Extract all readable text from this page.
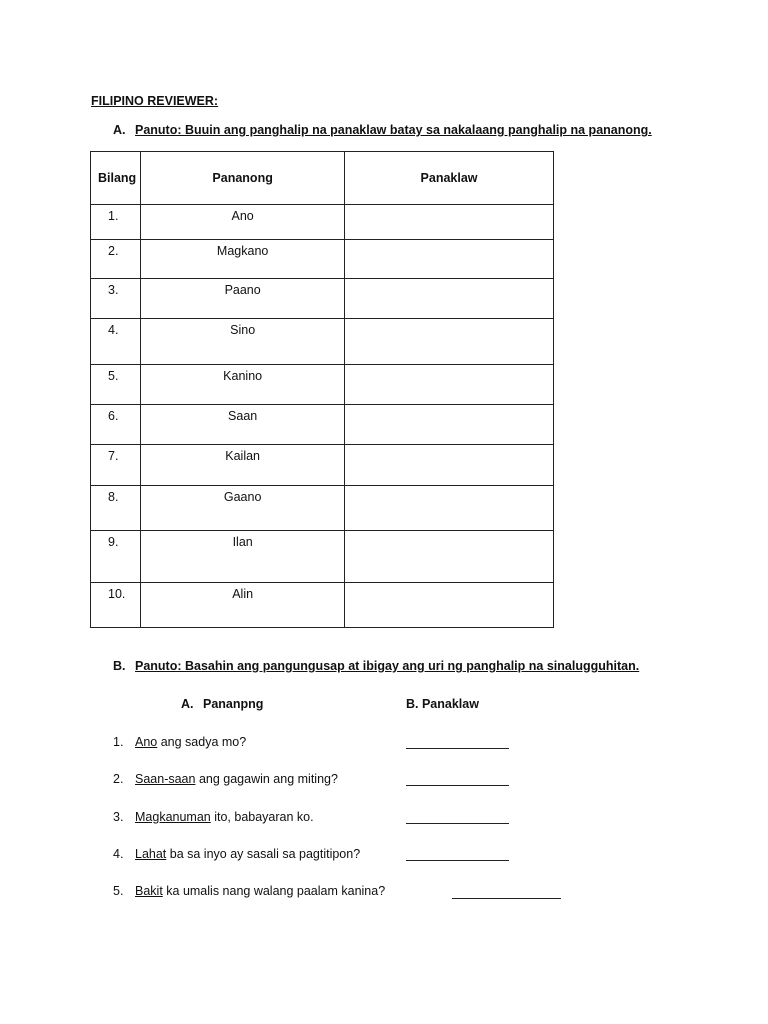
FILIPINO REVIEWER:
A. Panuto: Buuin ang panghalip na panaklaw batay sa nakalaang panghalip na pananong.
Bilang	Pananong	Panaklaw
1.	Ano	
2.	Magkano	
3.	Paano	
4.	Sino	
5.	Kanino	
6.	Saan	
7.	Kailan	
8.	Gaano	
9.	Ilan	
10.	Alin	
B. Panuto: Basahin ang pangungusap at ibigay ang uri ng panghalip na sinalugguhitan.
A. Pananpng	B. Panaklaw
1. Ano ang sadya mo?
2. Saan-saan ang gagawin ang miting?
3. Magkanuman ito, babayaran ko.
4. Lahat ba sa inyo ay sasali sa pagtitipon?
5. Bakit ka umalis nang walang paalam kanina?
